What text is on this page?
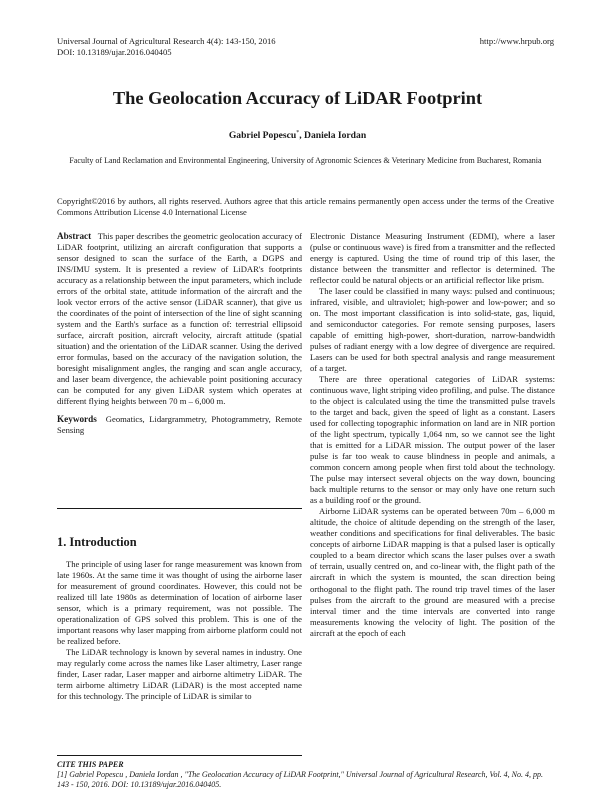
Universal Journal of Agricultural Research 4(4): 143-150, 2016	http://www.hrpub.org
DOI: 10.13189/ujar.2016.040405
The Geolocation Accuracy of LiDAR Footprint
Gabriel Popescu*, Daniela Iordan
Faculty of Land Reclamation and Environmental Engineering, University of Agronomic Sciences & Veterinary Medicine from Bucharest, Romania
Copyright©2016 by authors, all rights reserved. Authors agree that this article remains permanently open access under the terms of the Creative Commons Attribution License 4.0 International License

Abstract This paper describes the geometric geolocation accuracy of LiDAR footprint, utilizing an aircraft configuration that supports a sensor designed to scan the surface of the Earth, a DGPS and INS/IMU system. It is presented a review of LiDAR's footprints accuracy as a relationship between the input parameters, which include errors of the orbital state, attitude information of the aircraft and the look vector errors of the active sensor (LiDAR scanner), that give us the coordinates of the point of intersection of the line of sight scanning system and the Earth's surface as a function of: terrestrial ellipsoid surface, aircraft position, aircraft velocity, aircraft attitude (spatial situation) and the orientation of the LiDAR scanner. Using the derived error formulas, based on the accuracy of the navigation solution, the boresight misalignment angles, the ranging and scan angle accuracy, and laser beam divergence, the achievable point positioning accuracy can be computed for any given LiDAR system which operates at different flying heights between 70 m – 6,000 m.

Keywords Geomatics, Lidargrammetry, Photogrammetry, Remote Sensing

1. Introduction

The principle of using laser for range measurement was known from late 1960s. At the same time it was thought of using the airborne laser for measurement of ground coordinates. However, this could not be realized till late 1980s as determination of location of airborne laser sensor, which is a primary requirement, was not possible. The operationalization of GPS solved this problem. This is one of the important reasons why laser mapping from airborne platform could not be realized before.

The LiDAR technology is known by several names in industry. One may regularly come across the names like Laser altimetry, Laser range finder, Laser radar, Laser mapper and airborne altimetry LiDAR. The term airborne altimetry LiDAR (LiDAR) is the most accepted name for this technology. The principle of LiDAR is similar to

Electronic Distance Measuring Instrument (EDMI), where a laser (pulse or continuous wave) is fired from a transmitter and the reflected energy is captured. Using the time of round trip of this laser, the distance between the transmitter and reflector is determined. The reflector could be natural objects or an artificial reflector like prism.

The laser could be classified in many ways: pulsed and continuous; infrared, visible, and ultraviolet; high-power and low-power; and so on. The most important classification is into solid-state, gas, liquid, and semiconductor categories. For remote sensing purposes, lasers capable of emitting high-power, short-duration, narrow-bandwidth pulses of radiant energy with a low degree of divergence are required. Lasers can be used for both spectral analysis and range measurement of a target.

There are three operational categories of LiDAR systems: continuous wave, light striping video profiling, and pulse. The distance to the object is calculated using the time the transmitted pulse travels to the target and back, given the speed of light as a constant. Lasers used for collecting topographic information on land are in NIR portion of the light spectrum, typically 1,064 nm, so we cannot see the light that is emitted for a LiDAR mission. The output power of the laser pulse is far too weak to cause blindness in people and animals, a common concern among people when first told about the technology. The pulse may intersect several objects on the way down, bouncing back multiple returns to the sensor or may only have one return such as a building roof or the ground.

Airborne LiDAR systems can be operated between 70m – 6,000 m altitude, the choice of altitude depending on the strength of the laser, weather conditions and specifications for final deliverables. The basic concepts of airborne LiDAR mapping is that a pulsed laser is optically coupled to a beam director which scans the laser pulses over a swath of terrain, usually centred on, and co-linear with, the flight path of the aircraft in which the system is mounted, the scan direction being orthogonal to the flight path. The round trip travel times of the laser pulses from the aircraft to the ground are measured with a precise interval timer and the time intervals are converted into range measurements knowing the velocity of light. The position of the aircraft at the epoch of each

CITE THIS PAPER
[1] Gabriel Popescu , Daniela Iordan , "The Geolocation Accuracy of LiDAR Footprint," Universal Journal of Agricultural Research, Vol. 4, No. 4, pp. 143 - 150, 2016. DOI: 10.13189/ujar.2016.040405.
